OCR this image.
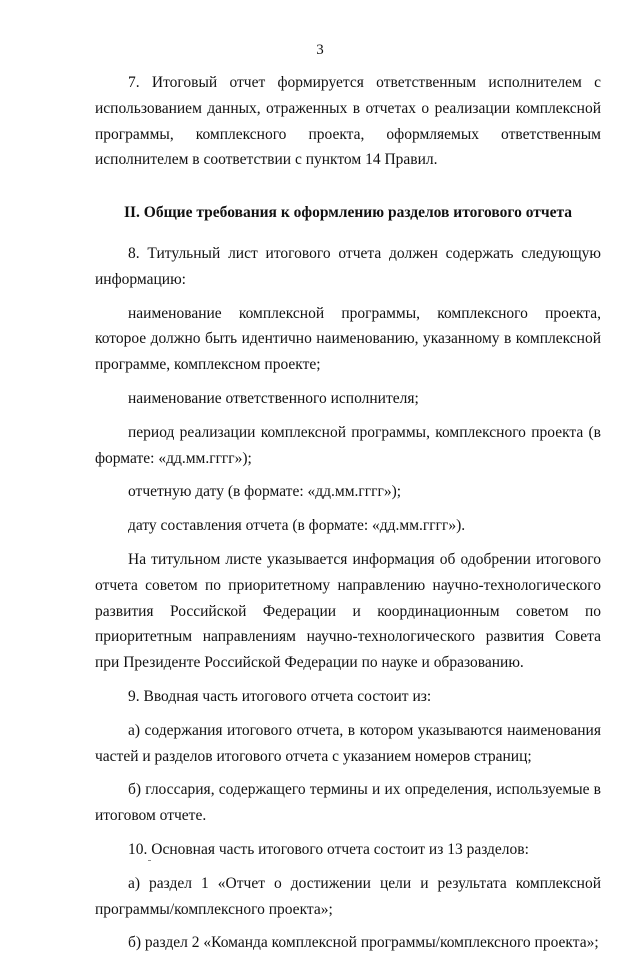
3

7. Итоговый отчет формируется ответственным исполнителем с использованием данных, отраженных в отчетах о реализации комплексной программы, комплексного проекта, оформляемых ответственным исполнителем в соответствии с пунктом 14 Правил.

II. Общие требования к оформлению разделов итогового отчета

8. Титульный лист итогового отчета должен содержать следующую информацию:

наименование комплексной программы, комплексного проекта, которое должно быть идентично наименованию, указанному в комплексной программе, комплексном проекте;

наименование ответственного исполнителя;

период реализации комплексной программы, комплексного проекта (в формате: «дд.мм.гггг»);

отчетную дату (в формате: «дд.мм.гггг»);

дату составления отчета (в формате: «дд.мм.гггг»).

На титульном листе указывается информация об одобрении итогового отчета советом по приоритетному направлению научно-технологического развития Российской Федерации и координационным советом по приоритетным направлениям научно-технологического развития Совета при Президенте Российской Федерации по науке и образованию.

9. Вводная часть итогового отчета состоит из:

а) содержания итогового отчета, в котором указываются наименования частей и разделов итогового отчета с указанием номеров страниц;

б) глоссария, содержащего термины и их определения, используемые в итоговом отчете.

10. Основная часть итогового отчета состоит из 13 разделов:

а) раздел 1 «Отчет о достижении цели и результата комплексной программы/комплексного проекта»;

б) раздел 2 «Команда комплексной программы/комплексного проекта»;
